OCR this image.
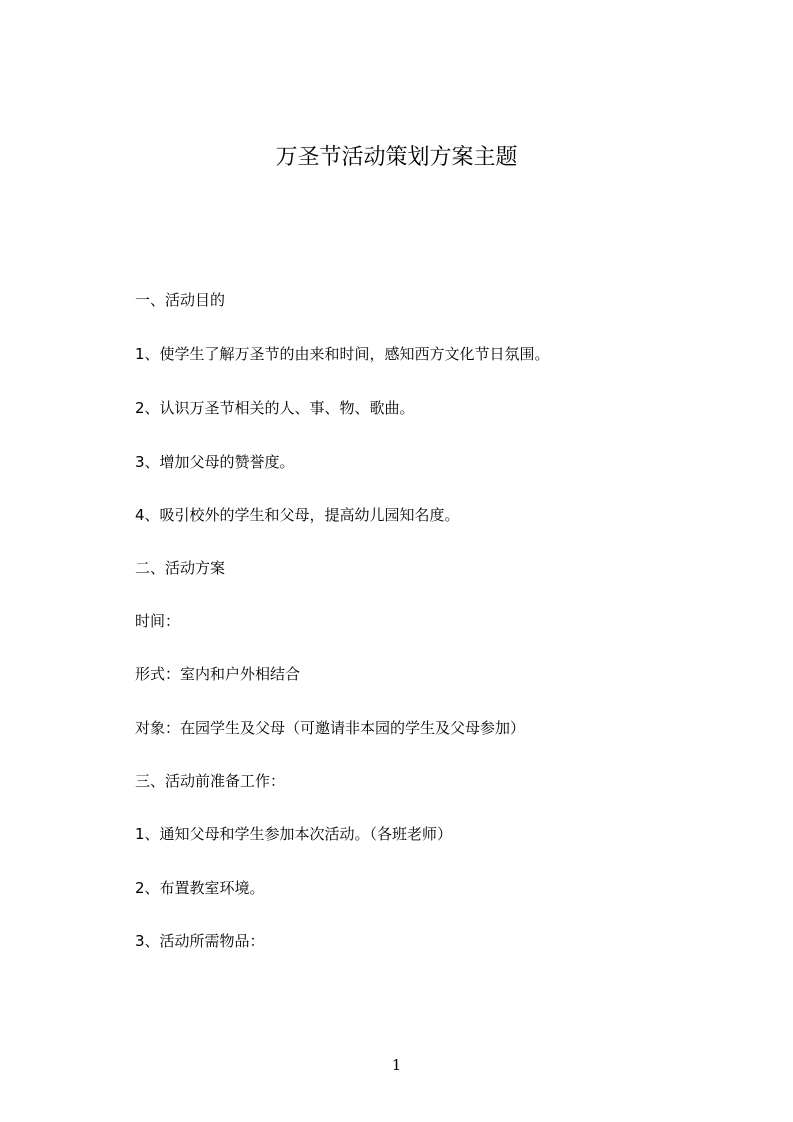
万圣节活动策划方案主题
一、活动目的
1、使学生了解万圣节的由来和时间，感知西方文化节日氛围。
2、认识万圣节相关的人、事、物、歌曲。
3、增加父母的赞誉度。
4、吸引校外的学生和父母，提高幼儿园知名度。
二、活动方案
时间：
形式：室内和户外相结合
对象：在园学生及父母（可邀请非本园的学生及父母参加）
三、活动前准备工作：
1、通知父母和学生参加本次活动。（各班老师）
2、布置教室环境。
3、活动所需物品：
1
